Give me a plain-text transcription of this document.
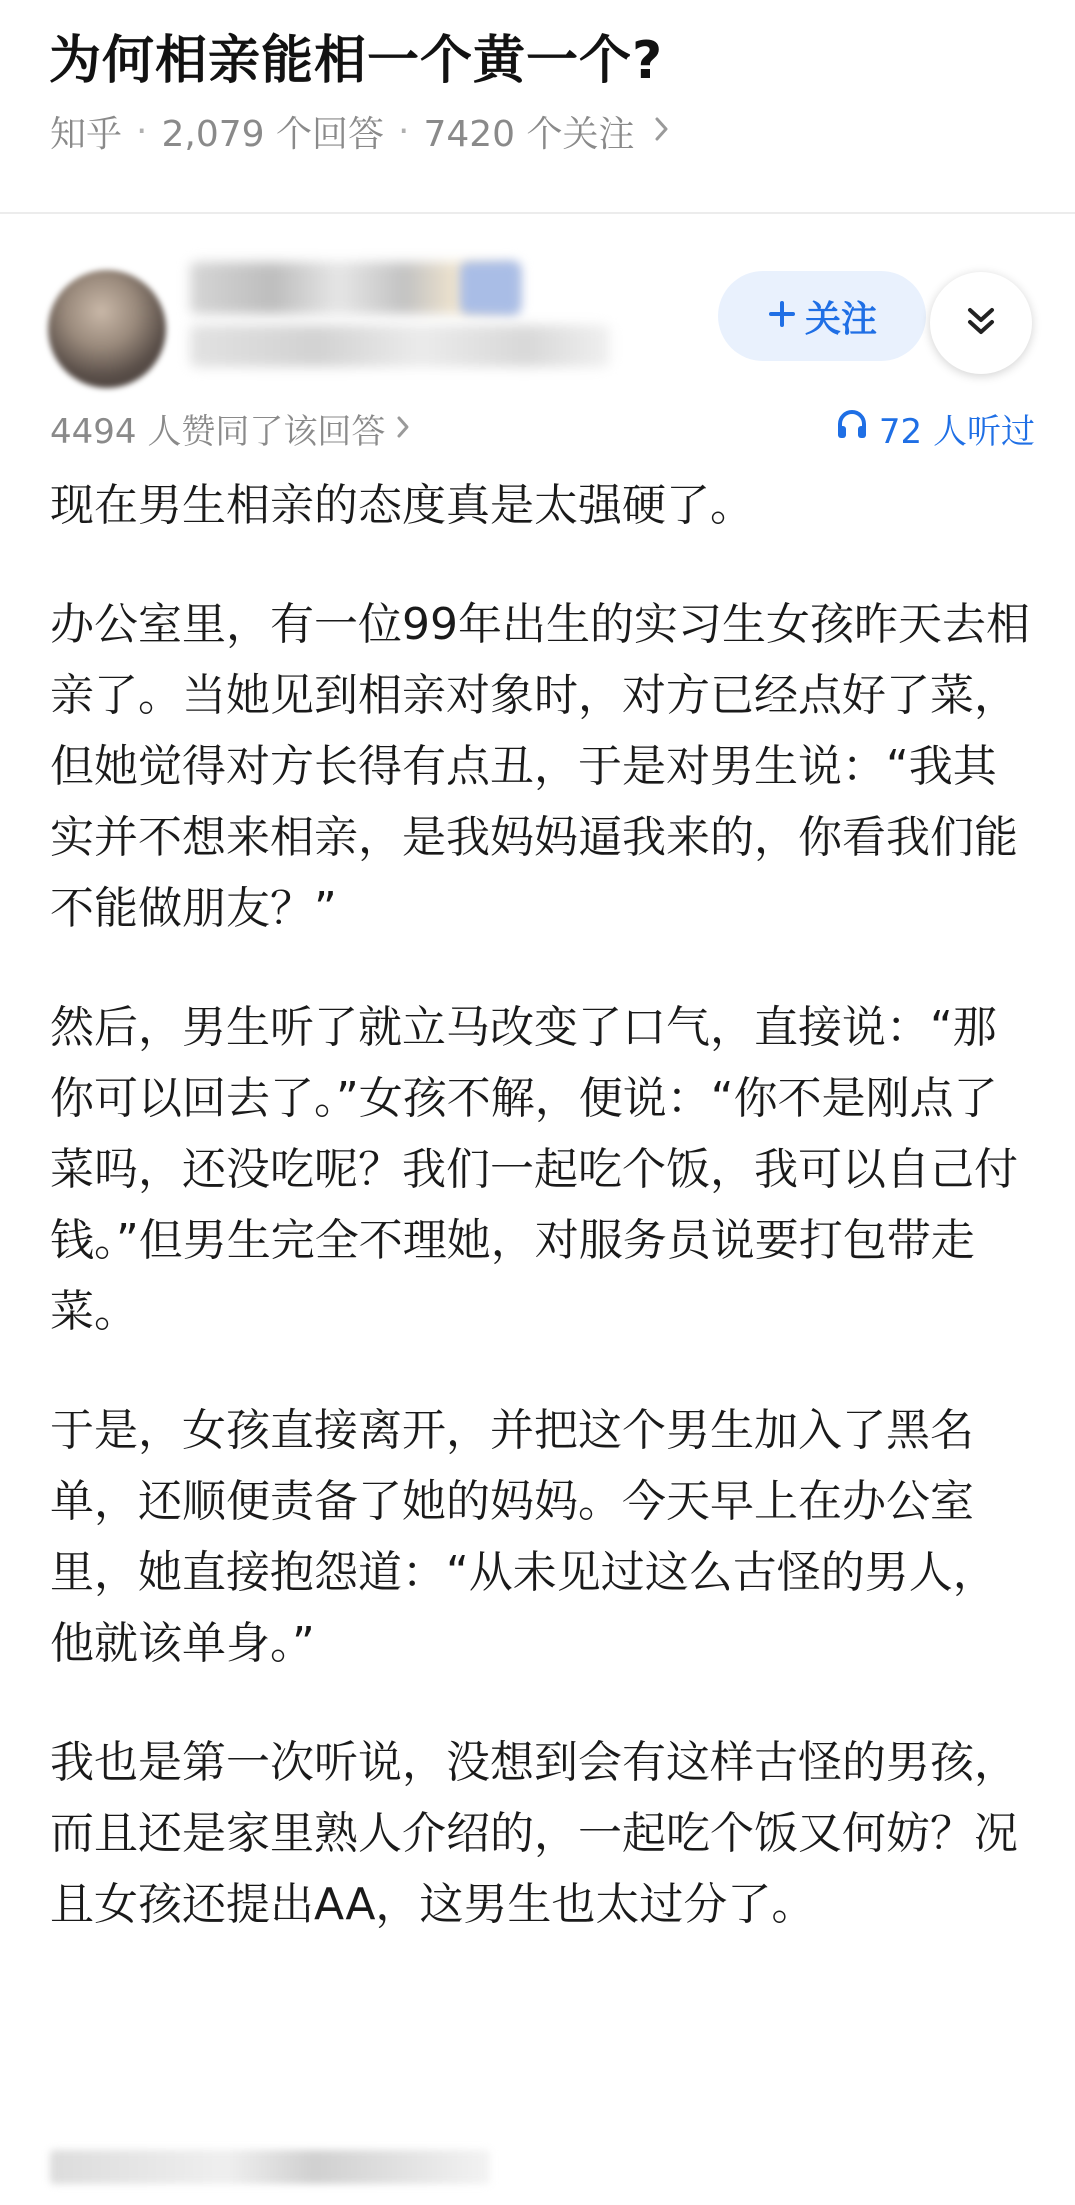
为何相亲能相一个黄一个?
知乎 · 2,079 个回答 · 7420 个关注
关注
4494 人赞同了该回答	72 人听过

现在男生相亲的态度真是太强硬了。

办公室里，有一位99年出生的实习生女孩昨天去相亲了。当她见到相亲对象时，对方已经点好了菜，但她觉得对方长得有点丑，于是对男生说：“我其实并不想来相亲，是我妈妈逼我来的，你看我们能不能做朋友？”

然后，男生听了就立马改变了口气，直接说：“那你可以回去了。”女孩不解，便说：“你不是刚点了菜吗，还没吃呢？我们一起吃个饭，我可以自己付钱。”但男生完全不理她，对服务员说要打包带走菜。

于是，女孩直接离开，并把这个男生加入了黑名单，还顺便责备了她的妈妈。今天早上在办公室里，她直接抱怨道：“从未见过这么古怪的男人，他就该单身。”

我也是第一次听说，没想到会有这样古怪的男孩，而且还是家里熟人介绍的，一起吃个饭又何妨？况且女孩还提出AA，这男生也太过分了。
